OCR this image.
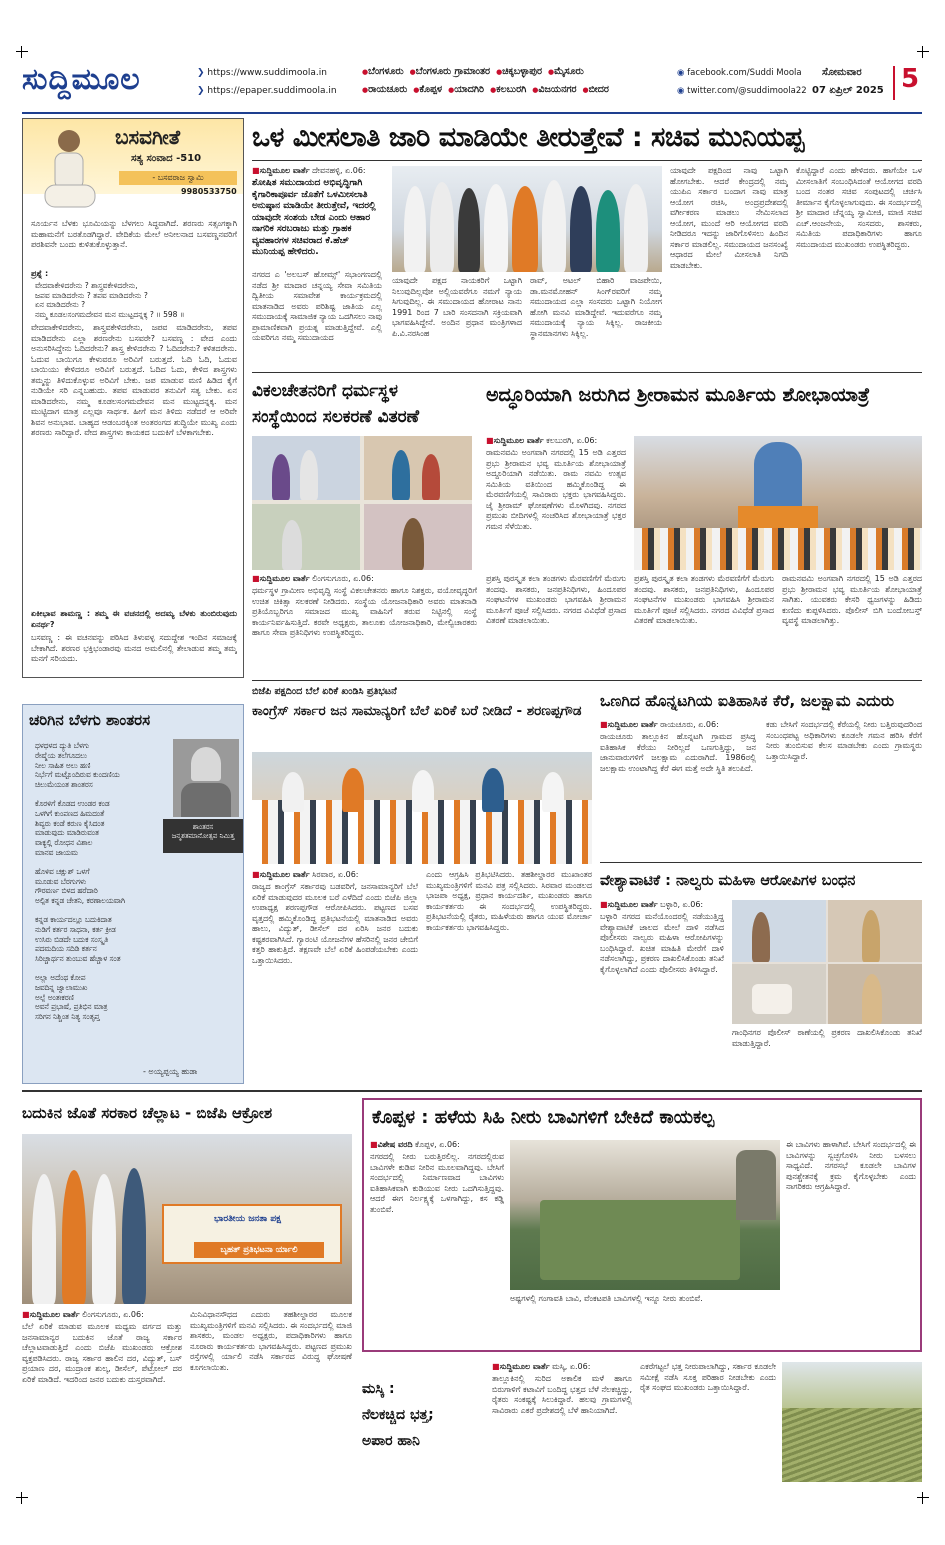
ಸುದ್ದಿಮೂಲ	❯ https://www.suddimoola.in
❯ https://epaper.suddimoola.in
● ಬೆಂಗಳೂರು	● ಬೆಂಗಳೂರು ಗ್ರಾಮಾಂತರ	● ಚಿಕ್ಕಬಳ್ಳಾಪುರ	● ಮೈಸೂರು
● ರಾಯಚೂರು	● ಕೊಪ್ಪಳ	● ಯಾದಗಿರಿ	● ಕಲಬುರಗಿ	● ವಿಜಯನಗರ	● ಬೀದರ
◉ facebook.com/Suddi Moola
◉ twitter.com/@suddimoola22
ಸೋಮವಾರ
07 ಏಪ್ರಿಲ್ 2025 5
ಬಸವಗೀತೆ
ಸತ್ಯ ಸಂವಾದ -510
- ಬಸವರಾಜ ಸ್ವಾಮಿ
9980533750
ಸೂರ್ಯನ ಬೆಳಕು ಭೂಮಿಯನ್ನು ಬೆಳಗಲು ಸಿದ್ಧವಾಗಿದೆ. ಶರಣರು ಸತ್ಸಂಗಕ್ಕಾಗಿ ಮಹಾಮನೆಗೆ ಬರತೊಡಗಿದ್ದಾರೆ. ವೇದಿಕೆಯ ಮೇಲೆ ಅನೀಲನಾದ ಬಸವಣ್ಣನವರಿಗೆ ಪರಶಿವನೇ ಬಂದು ಕುಳಿತುಕೊಳ್ಳುತ್ತಾನೆ.
ಪ್ರಶ್ನೆ :
ವೇದವಾಕೇಳಿದರೇನು ? ಶಾಸ್ತ್ರವಕೇಳಿದರೇನು,
ಜಪವ ಮಾಡಿದರೇನು ? ತಪವ ಮಾಡಿದರೇನು ?
ಏನ ಮಾಡಿದರೇನು ?
ನಮ್ಮ ಕೂಡಲಸಂಗಮದೇವನ ಮನ ಮುಟ್ಟದನ್ನಕ್ಕ ? ॥ 598 ॥
ವೇದವಾಕೇಳಿದರೇನು, ಶಾಸ್ತ್ರವಕೇಳಿದರೇನು, ಜಪವ ಮಾಡಿದರೇನು, ತಪವ ಮಾಡಿದರೇನು ಎಲ್ಲಾ ಶರಣರೇನು ಬಸವರೇ? ಬಸವಣ್ಣ : ವೇದ ಎಂದು ಅನುಸರಿಸಿದ್ದೇನು ಓದಿದರೇನು? ಶಾಸ್ತ್ರ ಕೇಳಿದರೇನು ? ಓದಿದರೇನು? ಕಳಿತದರೇನು. ಓದುವ ಬಾಯಿಗೂ ಕೇಳುವರೂ ಅರಿವಿಗೆ ಬರುತ್ತದೆ. ಓದಿ ಓದಿ, ಓದುವ ಬಾಯಿಯು ಕೇಳಿದರೂ ಅರಿವಿಗೆ ಬರುತ್ತದೆ. ಓದಿದ ಓದು, ಕೇಳಿದ ಶಾಸ್ತ್ರಗಳು ತಮ್ಮನ್ನು ತಿಳಿದುಕೊಳ್ಳುವ ಅರಿವಿಗೆ ಬೇಕು. ಜಪ ಮಾಡುವ ಮಣಿ ಹಿಡಿದ ಕೈಗೆ ನುಡಿಯೇ ಸರಿ ಎನ್ನಬಹುದು. ತಪವ ಮಾಡುವರ ತನುವಿಗೆ ಸತ್ಯ ಬೇಕು. ಏನ ಮಾಡಿದರೇನು, ನಮ್ಮ ಕೂಡಲಸಂಗಮದೇವನ ಮನ ಮುಟ್ಟದನ್ನಕ್ಕ. ಮನ ಮುಟ್ಟಿದಾಗ ಮಾತ್ರ ಎಲ್ಲವೂ ಸಾರ್ಥಕ. ಹೀಗೆ ಮನ ತಿಳಿದು ನಡೆದರೆ ಆ ಅರಿವೇ ಶಿವನ ಅನುಭಾವ. ಬಾಹ್ಯದ ಆಡಂಬರಕ್ಕಿಂತ ಅಂತರಂಗದ ಶುದ್ಧಿಯೇ ಮುಖ್ಯ ಎಂದು ಶರಣರು ಸಾರಿದ್ದಾರೆ. ವೇದ ಶಾಸ್ತ್ರಗಳು ಕಾಯಕದ ಬದುಕಿಗೆ ಬೆಳಕಾಗಬೇಕು.
ಏಕೀಭಾವ ಶಾಮಣ್ಣ : ತಮ್ಮ ಈ ವಚನದಲ್ಲಿ ಅದಮ್ಯ ಬೆಳಕು ತುಂಬಿರುವುದು ಏನರ್ಥ?
ಬಸವಣ್ಣ : ಈ ವಚನವನ್ನು ಪಠಿಸಿದ ತಿಳುವಳ್ಳ ಸದುದ್ದೇಶ ಇಂದಿನ ಸಮಾಜಕ್ಕೆ ಬೇಕಾಗಿದೆ. ಶರಣರ ಭಕ್ತಿಭಂಡಾರವು ಮನದ ಅಮಲಿನಲ್ಲಿ ತೇಲಾಡುವ ತಮ್ಮ ತಮ್ಮ ಮನಗೆ ಸರಿಯದು.
ಚರಿಗಿನ ಬೆಳಗು ಶಾಂತರಸ
ಶಾಂತರಸ
ಜನ್ಮಶತಮಾನೋತ್ಸವ ನಿಮಿತ್ತ
ಧಳಧಳದ ದ್ಯುತಿ ಬೆಳಗು
ರೇಷ್ಮೆಯ ತಲೆಗೂದಲು
ನೀಲ ಸಾಹಿತ ಅಲು ಹಣಿ
ನಿರ್ಭೆಗೆ ಮಟ್ಟೊಂದಿರುವ ಕುಂದಣಿಯ
ಚಿಲುಮೆಯಂತ ಶಾಂತರಸ
ಕೊರಳಿಗೆ ಕೊಡದ ಉಂಡರ ಕಂಡ
ಒಳಗಿಗೆ ಕುಂಪಣದ ಹಿಮದಂತೆ
ಶಿವ್ಯರು ಕಂಡೆ ಕರುಣ ಕೈಸಿದಂತ
ಮಾಡುವುದು ಮಾಡಿರುವಂತ
ವಾಕ್ಯಲ್ಲಿ ರೋಧನ ವಿಶಾಲ
ಮಾನವ ಜಾಯಮ
ಹೊಳಿವ ಚಕ್ಷುಶ್ ಒಳಗೆ
ಮೂಡುವ ಬೆರಗುಗಳು
ಗೌರವರ್ಣ ಬಿಳದ ಹರೆದಾರಿ
ಅಲ್ಪಿತ ಕನ್ನಡ ಚೇತನಿ, ಕರಣಾಲಯವಾಗಿ
ಕನ್ನಡ ಕಾರ್ಯದಲ್ಲೂ ಬದುಕಿದಾತ
ನುಡಿಗೆ ಕರ್ತರ ಸಾಧನಾ, ಕರ್ತ ಕ್ರೀಡ
ಉಸಿರು ಬಿಡದೇ ಬದುಕ ಸಂಸ್ಕೃತಿ
ಪದಮದಿಯ ಸದಿಡಿ ಕರ್ತನ
ಸಿರಿಚ್ಚಾರ್ಥನ ತುಂಬುವ ಹೆಚ್ಚಾಳ ಸಂತ
ಅಲ್ಲಾ ಅದೆಂಥ ಕೋಪ
ಜವದಿನ್ನ ಜ್ವಾಲಾಮುಖ
ಅಲ್ಪೆ ಅಂತಃಕರಣಿ
ಅವನೆ ಪ್ರಭಾಷೆ, ಪ್ರತಿಭಿನ ಮಾತ್ರ
ಸರಿಗನ ನಿಶ್ಚಿಂತ ನಿತ್ಯ ಸಂತೃಪ್ತ
- ಅಯ್ಯಪ್ಪಯ್ಯ ಹುಡಾ
ಒಳ ಮೀಸಲಾತಿ ಜಾರಿ ಮಾಡಿಯೇ ತೀರುತ್ತೇವೆ : ಸಚಿವ ಮುನಿಯಪ್ಪ
■ ಸುದ್ದಿಮೂಲ ವಾರ್ತೆ ದೇವನಹಳ್ಳಿ, ಏ.06:
ಶೋಷಿತ ಸಮುದಾಯದ ಅಭಿವೃದ್ಧಿಗಾಗಿ ಕೈಗಾರಿಕಾಪೂರ್ವ ಜೊತೆಗೆ ಒಳಮೀಸಲಾತಿ ಅನುಷ್ಠಾನ ಮಾಡಿಯೇ ತೀರುತ್ತೇವೆ, ಇದರಲ್ಲಿ ಯಾವುದೇ ಸಂಶಯ ಬೇಡ ಎಂದು ಆಹಾರ ನಾಗರಿಕ ಸರಬರಾಜು ಮತ್ತು ಗ್ರಾಹಕ ವ್ಯವಹಾರಗಳ ಸಚಿವರಾದ ಕೆ.ಹೆಚ್ ಮುನಿಯಪ್ಪ ಹೇಳಿದರು.
ನಗರದ ಎ 'ಅಲಬಸ್ ಹೋಮ್ಸ್' ಸಭಾಂಗಣದಲ್ಲಿ ನಡೆದ ಶ್ರೀ ಮಾದಾರ ಚನ್ನಯ್ಯ ಸೇವಾ ಸಮಿತಿಯ ದ್ವಿತೀಯ ಸಮಾವೇಶ ಕಾರ್ಯಕ್ರಮದಲ್ಲಿ ಮಾತನಾಡಿದ ಅವರು ಪರಿಶಿಷ್ಟ ಜಾತಿಯ ಎಲ್ಲ ಸಮುದಾಯಕ್ಕೆ ಸಾಮಾಜಿಕ ನ್ಯಾಯ ಒದಗಿಸಲು ನಾವು ಪ್ರಾಮಾಣಿಕವಾಗಿ ಪ್ರಯತ್ನ ಮಾಡುತ್ತಿದ್ದೇವೆ. ಎಲ್ಲಿ ಯವರಿಗೂ ನಮ್ಮ ಸಮುದಾಯದ
ಯಾವುದೇ ಪಕ್ಷದ ನಾಯಕರಿಗೆ ಒಟ್ಟಾಗಿ ನಿಲುವುದಿಲ್ಲವೋ ಅಲ್ಲಿಯವರೆಗೂ ನಮಗೆ ನ್ಯಾಯ ಸಿಗುವುದಿಲ್ಲ. ಈ ಸಮುದಾಯದ ಹೋರಾಟ ನಾನು 1991 ರಿಂದ 7 ಬಾರಿ ಸಂಸದನಾಗಿ ಸಕ್ರಿಯವಾಗಿ ಭಾಗವಹಿಸಿದ್ದೇನೆ. ಅಂದಿನ ಪ್ರಧಾನ ಮಂತ್ರಿಗಳಾದ ಪಿ.ವಿ.ನರಸಿಂಹ
ರಾವ್, ಅಟಲ್ ಬಿಹಾರಿ ವಾಜಪೇಯಿ, ಡಾ.ಮನಮೋಹನ್ ಸಿಂಗ್‌ರವರಿಗೆ ನಮ್ಮ ಸಮುದಾಯದ ಎಲ್ಲಾ ಸಂಸದರು ಒಟ್ಟಾಗಿ ನಿಯೋಗ ಹೋಗಿ ಮನವಿ ಮಾಡಿದ್ದೇವೆ. ಇದುವರೆಗೂ ನಮ್ಮ ಸಮುದಾಯಕ್ಕೆ ನ್ಯಾಯ ಸಿಕ್ಕಿಲ್ಲ. ರಾಜಕೀಯ ಸ್ಥಾನಮಾನಗಳು ಸಿಕ್ಕಿಲ್ಲ.
ಯಾವುದೇ ಪಕ್ಷದಿಂದ ನಾವು ಒಟ್ಟಾಗಿ ಹೋಗಬೇಕು. ಆದರೆ ಕೇಂದ್ರದಲ್ಲಿ ನಮ್ಮ ಯುಪಿಎ ಸರ್ಕಾರ ಬಂದಾಗ ನಾವು ಮಾತ್ರ ಆಯೋಗ ರಚಿಸಿ, ಅಂದ್ರಪ್ರದೇಶದಲ್ಲಿ ವರ್ಗೀಕರಣ ಮಾಡಲು ನೇಮಿಸಲಾದ ಆಯೋಗ, ಮುಂದೆ ಆರಿ ಆಯೋಗದ ವರದಿ ನೀಡಿದರೂ ಇದನ್ನು ಜಾರಿಗೊಳಿಸಲು ಹಿಂದಿನ ಸರ್ಕಾರ ಮಾಡಲಿಲ್ಲ. ಸಮುದಾಯದ ಜನಸಂಖ್ಯೆ ಆಧಾರದ ಮೇಲೆ ಮೀಸಲಾತಿ ನಿಗದಿ ಮಾಡಬೇಕು.
ಕೊಟ್ಟಿದ್ದಾರೆ ಎಂದು ಹೇಳಿದರು. ಹಾಗೆಯೇ ಒಳ ಮೀಸಲಾತಿಗೆ ಸಂಬಂಧಿಸಿದಂತೆ ಆಯೋಗದ ವರದಿ ಬಂದ ನಂತರ ಸಚಿವ ಸಂಪುಟದಲ್ಲಿ ಚರ್ಚಿಸಿ ತೀರ್ಮಾನ ಕೈಗೊಳ್ಳಲಾಗುವುದು. ಈ ಸಂದರ್ಭದಲ್ಲಿ ಶ್ರೀ ಮಾದಾರ ಚೆನ್ನಯ್ಯ ಸ್ವಾಮೀಜಿ, ಮಾಜಿ ಸಚಿವ ಎಚ್.ಆಂಜನೇಯ, ಸಂಸದರು, ಶಾಸಕರು, ಸಮಿತಿಯ ಪದಾಧಿಕಾರಿಗಳು ಹಾಗೂ ಸಮುದಾಯದ ಮುಖಂಡರು ಉಪಸ್ಥಿತರಿದ್ದರು.
ವಿಕಲಚೇತನರಿಗೆ ಧರ್ಮಸ್ಥಳ
ಸಂಸ್ಥೆಯಿಂದ ಸಲಕರಣೆ ವಿತರಣೆ
■ ಸುದ್ದಿಮೂಲ ವಾರ್ತೆ ಲಿಂಗಸುಗೂರು, ಏ.06:
ಧರ್ಮಸ್ಥಳ ಗ್ರಾಮೀಣ ಅಭಿವೃದ್ಧಿ ಸಂಸ್ಥೆ ವಿಕಲಚೇತನರು ಹಾಗೂ ನಿಶಕ್ತರು, ವಯೋವೃದ್ಧರಿಗೆ ಉಚಿತ ಚಿಕಿತ್ಸಾ ಸಲಕರಣೆ ನೀಡಿದರು. ಸಂಸ್ಥೆಯ ಯೋಜನಾಧಿಕಾರಿ ಅವರು ಮಾತನಾಡಿ ಪ್ರತಿಯೊಬ್ಬರಿಗೂ ಸಮಾಜದ ಮುಖ್ಯ ವಾಹಿನಿಗೆ ತರುವ ನಿಟ್ಟಿನಲ್ಲಿ ಸಂಸ್ಥೆ ಕಾರ್ಯನಿರ್ವಹಿಸುತ್ತಿದೆ. ಕರವೇ ಅಧ್ಯಕ್ಷರು, ತಾಲೂಕು ಯೋಜನಾಧಿಕಾರಿ, ಮೇಲ್ವಿಚಾರಕರು ಹಾಗೂ ಸೇವಾ ಪ್ರತಿನಿಧಿಗಳು ಉಪಸ್ಥಿತರಿದ್ದರು.
ಅದ್ಧೂರಿಯಾಗಿ ಜರುಗಿದ ಶ್ರೀರಾಮನ ಮೂರ್ತಿಯ ಶೋಭಾಯಾತ್ರೆ
■ ಸುದ್ದಿಮೂಲ ವಾರ್ತೆ ಕಲಬುರಗಿ, ಏ.06:
ರಾಮನವಮಿ ಅಂಗವಾಗಿ ನಗರದಲ್ಲಿ 15 ಅಡಿ ಎತ್ತರದ ಪ್ರಭು ಶ್ರೀರಾಮನ ಭವ್ಯ ಮೂರ್ತಿಯ ಶೋಭಾಯಾತ್ರೆ ಅದ್ದೂರಿಯಾಗಿ ನಡೆಯಿತು. ರಾಮ ನವಮಿ ಉತ್ಸವ ಸಮಿತಿಯ ವತಿಯಿಂದ ಹಮ್ಮಿಕೊಂಡಿದ್ದ ಈ ಮೆರವಣಿಗೆಯಲ್ಲಿ ಸಾವಿರಾರು ಭಕ್ತರು ಭಾಗವಹಿಸಿದ್ದರು. ಜೈ ಶ್ರೀರಾಮ್ ಘೋಷಣೆಗಳು ಮೊಳಗಿದವು. ನಗರದ ಪ್ರಮುಖ ಬೀದಿಗಳಲ್ಲಿ ಸಂಚರಿಸಿದ ಶೋಭಾಯಾತ್ರೆ ಭಕ್ತರ ಗಮನ ಸೆಳೆಯಿತು.
ಪ್ರಶಸ್ತಿ ಪುರಸ್ಕೃತ ಕಲಾ ತಂಡಗಳು ಮೆರವಣಿಗೆಗೆ ಮೆರುಗು ತಂದವು. ಶಾಸಕರು, ಜನಪ್ರತಿನಿಧಿಗಳು, ಹಿಂದೂಪರ ಸಂಘಟನೆಗಳ ಮುಖಂಡರು ಭಾಗವಹಿಸಿ ಶ್ರೀರಾಮನ ಮೂರ್ತಿಗೆ ಪೂಜೆ ಸಲ್ಲಿಸಿದರು. ನಗರದ ವಿವಿಧೆಡೆ ಪ್ರಸಾದ ವಿತರಣೆ ಮಾಡಲಾಯಿತು.
ಪ್ರಶಸ್ತಿ ಪುರಸ್ಕೃತ ಕಲಾ ತಂಡಗಳು ಮೆರವಣಿಗೆಗೆ ಮೆರುಗು ತಂದವು. ಶಾಸಕರು, ಜನಪ್ರತಿನಿಧಿಗಳು, ಹಿಂದೂಪರ ಸಂಘಟನೆಗಳ ಮುಖಂಡರು ಭಾಗವಹಿಸಿ ಶ್ರೀರಾಮನ ಮೂರ್ತಿಗೆ ಪೂಜೆ ಸಲ್ಲಿಸಿದರು. ನಗರದ ವಿವಿಧೆಡೆ ಪ್ರಸಾದ ವಿತರಣೆ ಮಾಡಲಾಯಿತು.
ರಾಮನವಮಿ ಅಂಗವಾಗಿ ನಗರದಲ್ಲಿ 15 ಅಡಿ ಎತ್ತರದ ಪ್ರಭು ಶ್ರೀರಾಮನ ಭವ್ಯ ಮೂರ್ತಿಯ ಶೋಭಾಯಾತ್ರೆ ಸಾಗಿತು. ಯುವಕರು ಕೇಸರಿ ಧ್ವಜಗಳನ್ನು ಹಿಡಿದು ಕುಣಿದು ಕುಪ್ಪಳಿಸಿದರು. ಪೊಲೀಸ್ ಬಿಗಿ ಬಂದೋಬಸ್ತ್ ವ್ಯವಸ್ಥೆ ಮಾಡಲಾಗಿತ್ತು.
ಬಿಜೆಪಿ ಪಕ್ಷದಿಂದ ಬೆಲೆ ಏರಿಕೆ ಖಂಡಿಸಿ ಪ್ರತಿಭಟನೆ
ಕಾಂಗ್ರೆಸ್ ಸರ್ಕಾರ ಜನ ಸಾಮಾನ್ಯರಿಗೆ ಬೆಲೆ ಏರಿಕೆ ಬರೆ ನೀಡಿದೆ - ಶರಣಪ್ಪಗೌಡ
■ ಸುದ್ದಿಮೂಲ ವಾರ್ತೆ ಸಿರವಾರ, ಏ.06:
ರಾಜ್ಯದ ಕಾಂಗ್ರೆಸ್ ಸರ್ಕಾರವು ಬಡವರಿಗೆ, ಜನಸಾಮಾನ್ಯರಿಗೆ ಬೆಲೆ ಏರಿಕೆ ಮಾಡುವುದರ ಮೂಲಕ ಬರೆ ಎಳೆದಿದೆ ಎಂದು ಬಿಜೆಪಿ ಜಿಲ್ಲಾ ಉಪಾಧ್ಯಕ್ಷ ಶರಣಪ್ಪಗೌಡ ಆರೋಪಿಸಿದರು. ಪಟ್ಟಣದ ಬಸವ ವೃತ್ತದಲ್ಲಿ ಹಮ್ಮಿಕೊಂಡಿದ್ದ ಪ್ರತಿಭಟನೆಯಲ್ಲಿ ಮಾತನಾಡಿದ ಅವರು ಹಾಲು, ವಿದ್ಯುತ್, ಡೀಸೆಲ್ ದರ ಏರಿಸಿ ಜನರ ಬದುಕು ಕಷ್ಟಕರವಾಗಿಸಿದೆ. ಗ್ಯಾರಂಟಿ ಯೋಜನೆಗಳ ಹೆಸರಿನಲ್ಲಿ ಜನರ ಜೇಬಿಗೆ ಕತ್ತರಿ ಹಾಕುತ್ತಿದೆ. ತಕ್ಷಣವೇ ಬೆಲೆ ಏರಿಕೆ ಹಿಂಪಡೆಯಬೇಕು ಎಂದು ಒತ್ತಾಯಿಸಿದರು.
ಎಂದು ಆಗ್ರಹಿಸಿ ಪ್ರತಿಭಟಿಸಿದರು. ತಹಶೀಲ್ದಾರರ ಮುಖಾಂತರ ಮುಖ್ಯಮಂತ್ರಿಗಳಿಗೆ ಮನವಿ ಪತ್ರ ಸಲ್ಲಿಸಿದರು. ಸಿರವಾರ ಮಂಡಲದ ಭಾಜಪಾ ಅಧ್ಯಕ್ಷ, ಪ್ರಧಾನ ಕಾರ್ಯದರ್ಶಿ, ಮುಖಂಡರು ಹಾಗೂ ಕಾರ್ಯಕರ್ತರು ಈ ಸಂದರ್ಭದಲ್ಲಿ ಉಪಸ್ಥಿತರಿದ್ದರು. ಪ್ರತಿಭಟನೆಯಲ್ಲಿ ರೈತರು, ಮಹಿಳೆಯರು ಹಾಗೂ ಯುವ ಮೋರ್ಚಾ ಕಾರ್ಯಕರ್ತರು ಭಾಗವಹಿಸಿದ್ದರು.
ಒಣಗಿದ ಹೊನ್ನಟಗಿಯ ಐತಿಹಾಸಿಕ ಕೆರೆ, ಜಲಕ್ಷಾಮ ಎದುರು
■ ಸುದ್ದಿಮೂಲ ವಾರ್ತೆ ರಾಯಚೂರು, ಏ.06:
ರಾಯಚೂರು ತಾಲ್ಲೂಕಿನ ಹೊನ್ನಟಗಿ ಗ್ರಾಮದ ಪ್ರಸಿದ್ಧ ಐತಿಹಾಸಿಕ ಕೆರೆಯು ನೀರಿಲ್ಲದೆ ಒಣಗುತ್ತಿದ್ದು, ಜನ ಜಾನುವಾರುಗಳಿಗೆ ಜಲಕ್ಷಾಮ ಎದುರಾಗಿದೆ. 1986ರಲ್ಲಿ ಜಲಕ್ಷಾಮ ಉಂಟಾಗಿದ್ದ ಕೆರೆ ಈಗ ಮತ್ತೆ ಅದೇ ಸ್ಥಿತಿ ತಲುಪಿದೆ.
ಕಡು ಬೇಸಿಗೆ ಸಂದರ್ಭದಲ್ಲಿ ಕೆರೆಯಲ್ಲಿ ನೀರು ಬತ್ತಿರುವುದರಿಂದ ಸಂಬಂಧಪಟ್ಟ ಅಧಿಕಾರಿಗಳು ಕೂಡಲೇ ಗಮನ ಹರಿಸಿ ಕೆರೆಗೆ ನೀರು ತುಂಬಿಸುವ ಕೆಲಸ ಮಾಡಬೇಕು ಎಂದು ಗ್ರಾಮಸ್ಥರು ಒತ್ತಾಯಿಸಿದ್ದಾರೆ.
ವೇಶ್ಯಾವಾಟಿಕೆ : ನಾಲ್ವರು ಮಹಿಳಾ ಆರೋಪಿಗಳ ಬಂಧನ
■ ಸುದ್ದಿಮೂಲ ವಾರ್ತೆ ಬಳ್ಳಾರಿ, ಏ.06:
ಬಳ್ಳಾರಿ ನಗರದ ಮನೆಯೊಂದರಲ್ಲಿ ನಡೆಯುತ್ತಿದ್ದ ವೇಶ್ಯಾವಾಟಿಕೆ ಜಾಲದ ಮೇಲೆ ದಾಳಿ ನಡೆಸಿದ ಪೊಲೀಸರು ನಾಲ್ವರು ಮಹಿಳಾ ಆರೋಪಿಗಳನ್ನು ಬಂಧಿಸಿದ್ದಾರೆ. ಖಚಿತ ಮಾಹಿತಿ ಮೇರೆಗೆ ದಾಳಿ ನಡೆಸಲಾಗಿದ್ದು, ಪ್ರಕರಣ ದಾಖಲಿಸಿಕೊಂಡು ತನಿಖೆ ಕೈಗೊಳ್ಳಲಾಗಿದೆ ಎಂದು ಪೊಲೀಸರು ತಿಳಿಸಿದ್ದಾರೆ.
ಗಾಂಧಿನಗರ ಪೊಲೀಸ್ ಠಾಣೆಯಲ್ಲಿ ಪ್ರಕರಣ ದಾಖಲಿಸಿಕೊಂಡು ತನಿಖೆ ಮಾಡುತ್ತಿದ್ದಾರೆ.
ಬದುಕಿನ ಜೊತೆ ಸರಕಾರ ಚೆಲ್ಲಾಟ - ಬಿಜೆಪಿ ಆಕ್ರೋಶ
ಭಾರತೀಯ ಜನತಾ ಪಕ್ಷ
ಬೃಹತ್ ಪ್ರತಿಭಟನಾ ರ್ಯಾಲಿ
■ ಸುದ್ದಿಮೂಲ ವಾರ್ತೆ ಲಿಂಗಸುಗೂರು, ಏ.06:
ಬೆಲೆ ಏರಿಕೆ ಮಾಡುವ ಮೂಲಕ ಮಧ್ಯಮ ವರ್ಗದ ಮತ್ತು ಜನಸಾಮಾನ್ಯರ ಬದುಕಿನ ಜೊತೆ ರಾಜ್ಯ ಸರ್ಕಾರ ಚೆಲ್ಲಾಟವಾಡುತ್ತಿದೆ ಎಂದು ಬಿಜೆಪಿ ಮುಖಂಡರು ಆಕ್ರೋಶ ವ್ಯಕ್ತಪಡಿಸಿದರು. ರಾಜ್ಯ ಸರ್ಕಾರ ಹಾಲಿನ ದರ, ವಿದ್ಯುತ್, ಬಸ್ ಪ್ರಯಾಣ ದರ, ಮುದ್ರಾಂಕ ಶುಲ್ಕ, ಡೀಸೆಲ್, ಪೆಟ್ರೋಲ್ ದರ ಏರಿಕೆ ಮಾಡಿದೆ. ಇದರಿಂದ ಜನರ ಬದುಕು ದುಸ್ತರವಾಗಿದೆ.
ಮಿನಿವಿಧಾನಸೌಧದ ಎದುರು ತಹಶೀಲ್ದಾರರ ಮೂಲಕ ಮುಖ್ಯಮಂತ್ರಿಗಳಿಗೆ ಮನವಿ ಸಲ್ಲಿಸಿದರು. ಈ ಸಂದರ್ಭದಲ್ಲಿ ಮಾಜಿ ಶಾಸಕರು, ಮಂಡಲ ಅಧ್ಯಕ್ಷರು, ಪದಾಧಿಕಾರಿಗಳು ಹಾಗೂ ನೂರಾರು ಕಾರ್ಯಕರ್ತರು ಭಾಗವಹಿಸಿದ್ದರು. ಪಟ್ಟಣದ ಪ್ರಮುಖ ರಸ್ತೆಗಳಲ್ಲಿ ರ್ಯಾಲಿ ನಡೆಸಿ ಸರ್ಕಾರದ ವಿರುದ್ಧ ಘೋಷಣೆ ಕೂಗಲಾಯಿತು.
ಕೊಪ್ಪಳ : ಹಳೆಯ ಸಿಹಿ ನೀರು ಬಾವಿಗಳಿಗೆ ಬೇಕಿದೆ ಕಾಯಕಲ್ಪ
■ ವಿಶೇಷ ವರದಿ ಕೊಪ್ಪಳ, ಏ.06:
ನಗರದಲ್ಲಿ ನೀರು ಬರುತ್ತಿರಲಿಲ್ಲ. ನಗರದಲ್ಲಿರುವ ಬಾವಿಗಳೇ ಕುಡಿವ ನೀರಿನ ಮೂಲವಾಗಿದ್ದವು. ಬೇಸಿಗೆ ಸಂದರ್ಭದಲ್ಲಿ ನಿರ್ಮಾಣವಾದ ಬಾವಿಗಳು ಐತಿಹಾಸಿಕವಾಗಿ ಕುಡಿಯುವ ನೀರು ಒದಗಿಸುತ್ತಿದ್ದವು. ಆದರೆ ಈಗ ನಿರ್ಲಕ್ಷ್ಯಕ್ಕೆ ಒಳಗಾಗಿದ್ದು, ಕಸ ಕಡ್ಡಿ ತುಂಬಿವೆ.
ಅಷ್ಟಗಳಲ್ಲಿ ಗಂಗಾವತಿ ಬಾವಿ, ವೆಂಕಟಪತಿ ಬಾವಿಗಳಲ್ಲಿ ಇನ್ನೂ ನೀರು ತುಂಬಿವೆ.
ಈ ಬಾವಿಗಳು ಹಾಳಾಗಿವೆ. ಬೇಸಿಗೆ ಸಂದರ್ಭದಲ್ಲಿ ಈ ಬಾವಿಗಳನ್ನು ಸ್ವಚ್ಛಗೊಳಿಸಿ ನೀರು ಬಳಸಲು ಸಾಧ್ಯವಿದೆ. ನಗರಸಭೆ ಕೂಡಲೇ ಬಾವಿಗಳ ಪುನಶ್ಚೇತನಕ್ಕೆ ಕ್ರಮ ಕೈಗೊಳ್ಳಬೇಕು ಎಂದು ನಾಗರಿಕರು ಆಗ್ರಹಿಸಿದ್ದಾರೆ.
ಮಸ್ಕಿ :
ನೆಲಕಚ್ಚಿದ ಭತ್ತ;
ಅಪಾರ ಹಾನಿ
■ ಸುದ್ದಿಮೂಲ ವಾರ್ತೆ ಮಸ್ಕಿ, ಏ.06:
ತಾಲ್ಲೂಕಿನಲ್ಲಿ ಸುರಿದ ಅಕಾಲಿಕ ಮಳೆ ಹಾಗೂ ಬಿರುಗಾಳಿಗೆ ಕಟಾವಿಗೆ ಬಂದಿದ್ದ ಭತ್ತದ ಬೆಳೆ ನೆಲಕಚ್ಚಿದ್ದು, ರೈತರು ಸಂಕಷ್ಟಕ್ಕೆ ಸಿಲುಕಿದ್ದಾರೆ. ಹಲವು ಗ್ರಾಮಗಳಲ್ಲಿ ಸಾವಿರಾರು ಎಕರೆ ಪ್ರದೇಶದಲ್ಲಿ ಬೆಳೆ ಹಾನಿಯಾಗಿದೆ.
ಎಕರೆಗಟ್ಟಲೆ ಭತ್ತ ನೀರುಪಾಲಾಗಿದ್ದು, ಸರ್ಕಾರ ಕೂಡಲೇ ಸಮೀಕ್ಷೆ ನಡೆಸಿ ಸೂಕ್ತ ಪರಿಹಾರ ನೀಡಬೇಕು ಎಂದು ರೈತ ಸಂಘದ ಮುಖಂಡರು ಒತ್ತಾಯಿಸಿದ್ದಾರೆ.
